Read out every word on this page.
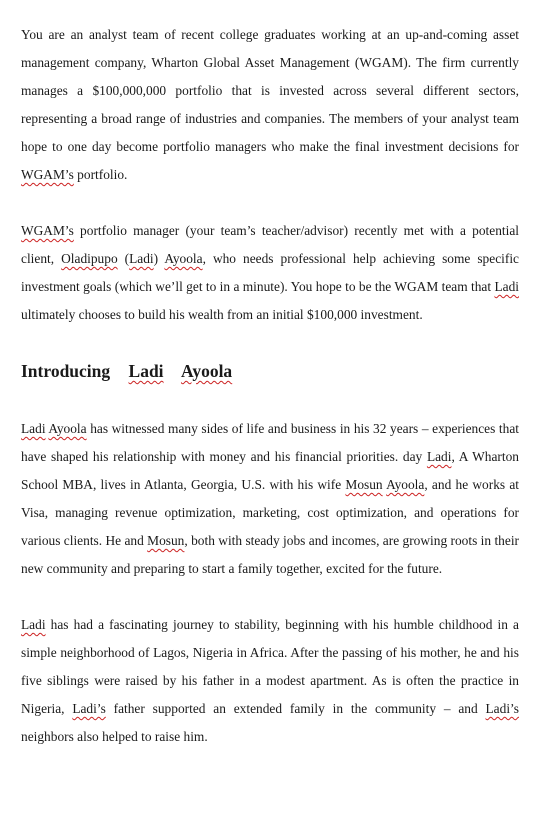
You are an analyst team of recent college graduates working at an up-and-coming asset management company, Wharton Global Asset Management (WGAM). The firm currently manages a $100,000,000 portfolio that is invested across several different sectors, representing a broad range of industries and companies. The members of your analyst team hope to one day become portfolio managers who make the final investment decisions for WGAM’s portfolio.

WGAM’s portfolio manager (your team’s teacher/advisor) recently met with a potential client, Oladipupo (Ladi) Ayoola, who needs professional help achieving some specific investment goals (which we’ll get to in a minute). You hope to be the WGAM team that Ladi ultimately chooses to build his wealth from an initial $100,000 investment.

Introducing Ladi Ayoola

Ladi Ayoola has witnessed many sides of life and business in his 32 years – experiences that have shaped his relationship with money and his financial priorities. day Ladi, A Wharton School MBA, lives in Atlanta, Georgia, U.S. with his wife Mosun Ayoola, and he works at Visa, managing revenue optimization, marketing, cost optimization, and operations for various clients. He and Mosun, both with steady jobs and incomes, are growing roots in their new community and preparing to start a family together, excited for the future.

Ladi has had a fascinating journey to stability, beginning with his humble childhood in a simple neighborhood of Lagos, Nigeria in Africa. After the passing of his mother, he and his five siblings were raised by his father in a modest apartment. As is often the practice in Nigeria, Ladi’s father supported an extended family in the community – and Ladi’s neighbors also helped to raise him.
